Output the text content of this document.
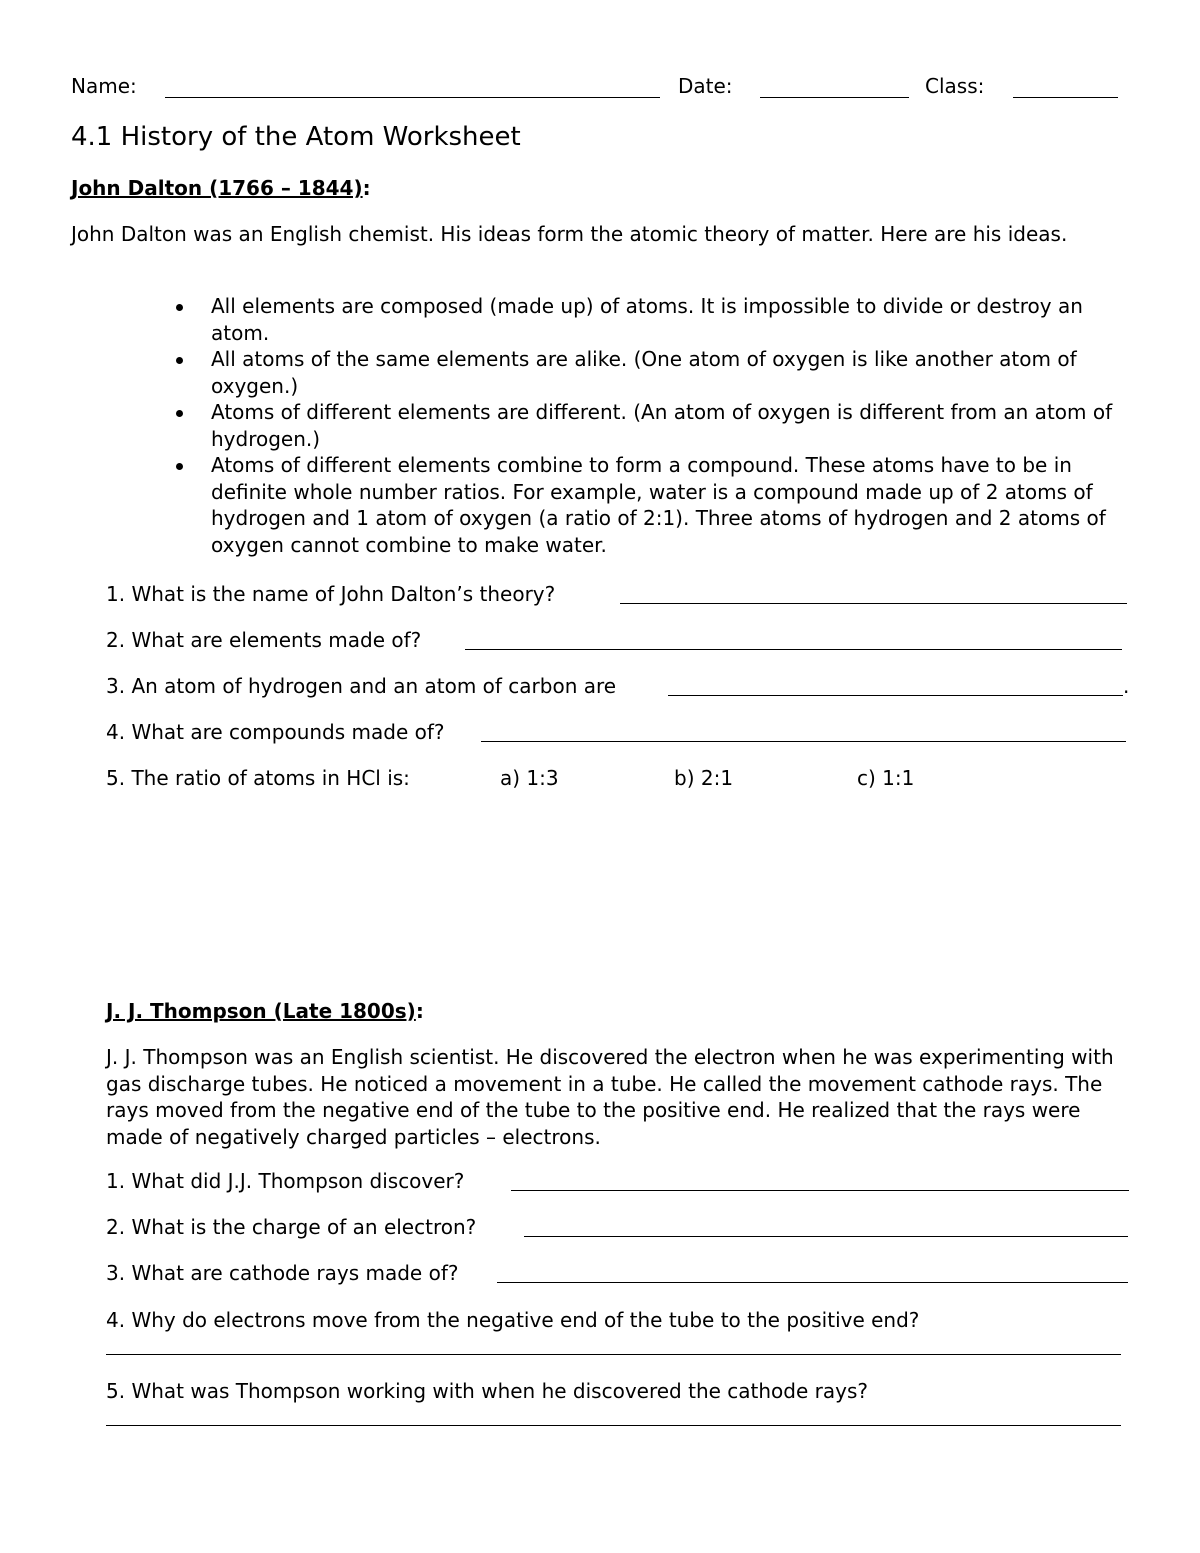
Name:	Date:	Class:
4.1 History of the Atom Worksheet
John Dalton (1766 – 1844):
John Dalton was an English chemist. His ideas form the atomic theory of matter. Here are his ideas.
All elements are composed (made up) of atoms. It is impossible to divide or destroy an atom.
All atoms of the same elements are alike. (One atom of oxygen is like another atom of oxygen.)
Atoms of different elements are different. (An atom of oxygen is different from an atom of hydrogen.)
Atoms of different elements combine to form a compound. These atoms have to be in definite whole number ratios. For example, water is a compound made up of 2 atoms of hydrogen and 1 atom of oxygen (a ratio of 2:1). Three atoms of hydrogen and 2 atoms of oxygen cannot combine to make water.
1. What is the name of John Dalton’s theory?
2. What are elements made of?
3. An atom of hydrogen and an atom of carbon are	.
4. What are compounds made of?
5. The ratio of atoms in HCl is:	a) 1:3	b) 2:1	c) 1:1
J. J. Thompson (Late 1800s):
J. J. Thompson was an English scientist. He discovered the electron when he was experimenting with gas discharge tubes. He noticed a movement in a tube. He called the movement cathode rays. The rays moved from the negative end of the tube to the positive end. He realized that the rays were made of negatively charged particles – electrons.
1. What did J.J. Thompson discover?
2. What is the charge of an electron?
3. What are cathode rays made of?
4. Why do electrons move from the negative end of the tube to the positive end?
5. What was Thompson working with when he discovered the cathode rays?
